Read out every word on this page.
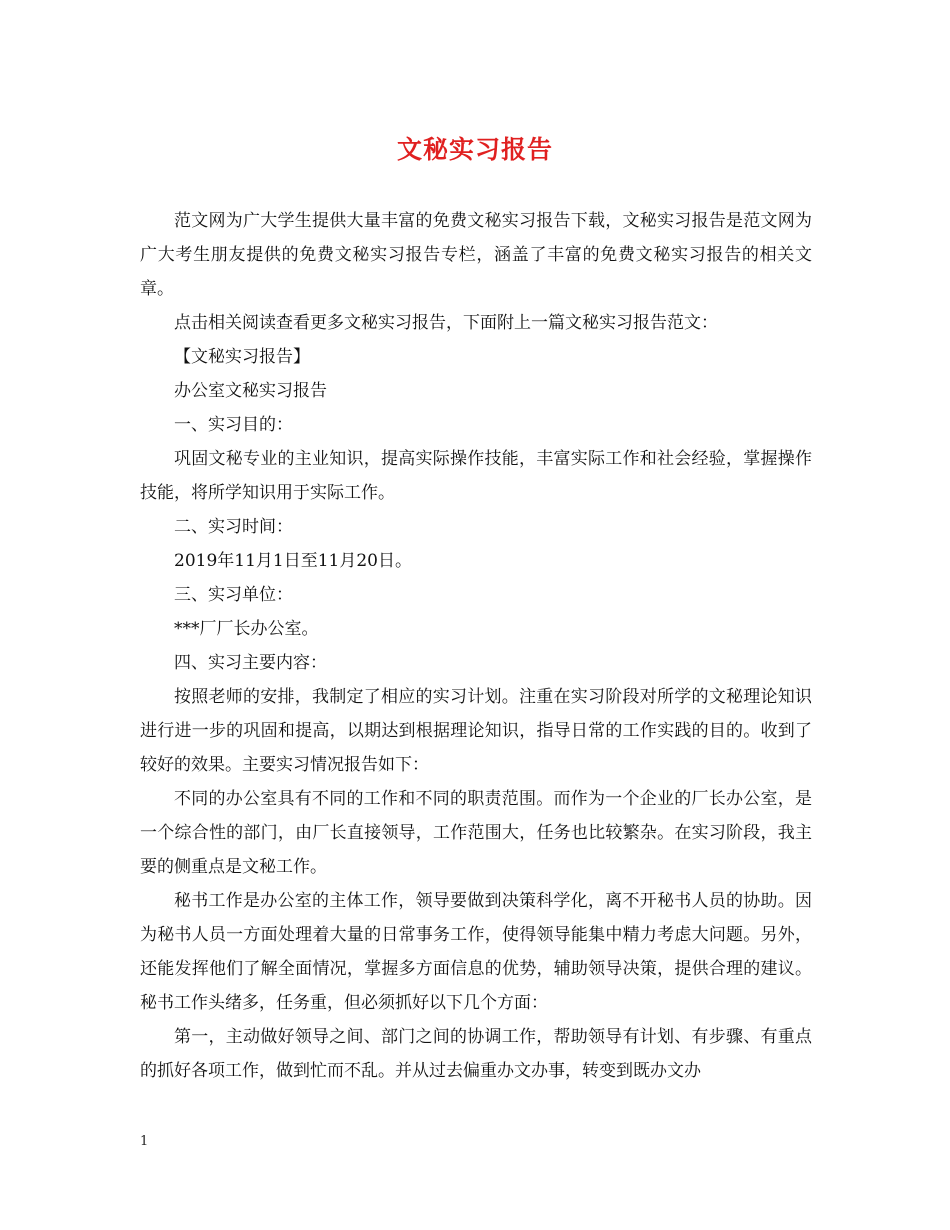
文秘实习报告

范文网为广大学生提供大量丰富的免费文秘实习报告下载，文秘实习报告是范文网为广大考生朋友提供的免费文秘实习报告专栏，涵盖了丰富的免费文秘实习报告的相关文章。

点击相关阅读查看更多文秘实习报告，下面附上一篇文秘实习报告范文：

【文秘实习报告】

办公室文秘实习报告

一、实习目的：

巩固文秘专业的主业知识，提高实际操作技能，丰富实际工作和社会经验，掌握操作技能，将所学知识用于实际工作。

二、实习时间：

2019年11月1日至11月20日。

三、实习单位：

***厂厂长办公室。

四、实习主要内容：

按照老师的安排，我制定了相应的实习计划。注重在实习阶段对所学的文秘理论知识进行进一步的巩固和提高，以期达到根据理论知识，指导日常的工作实践的目的。收到了较好的效果。主要实习情况报告如下：

不同的办公室具有不同的工作和不同的职责范围。而作为一个企业的厂长办公室，是一个综合性的部门，由厂长直接领导，工作范围大，任务也比较繁杂。在实习阶段，我主要的侧重点是文秘工作。

秘书工作是办公室的主体工作，领导要做到决策科学化，离不开秘书人员的协助。因为秘书人员一方面处理着大量的日常事务工作，使得领导能集中精力考虑大问题。另外，还能发挥他们了解全面情况，掌握多方面信息的优势，辅助领导决策，提供合理的建议。秘书工作头绪多，任务重，但必须抓好以下几个方面：

第一，主动做好领导之间、部门之间的协调工作，帮助领导有计划、有步骤、有重点的抓好各项工作，做到忙而不乱。并从过去偏重办文办事，转变到既办文办

1
